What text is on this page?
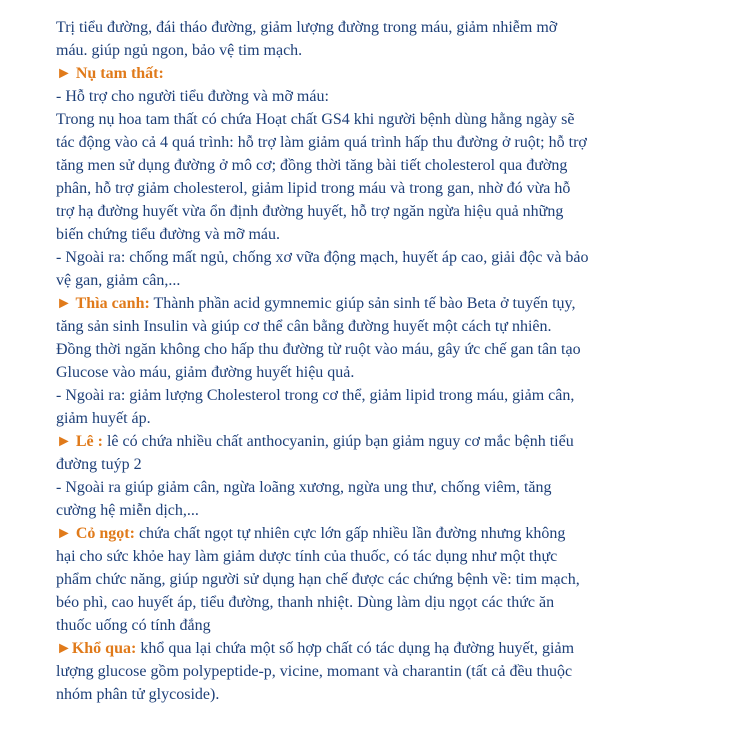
Trị tiểu đường, đái tháo đường, giảm lượng đường trong máu, giảm nhiễm mỡ
máu. giúp ngủ ngon, bảo vệ tim mạch.
► Nụ tam thất:
- Hỗ trợ cho người tiểu đường và mỡ máu:
Trong nụ hoa tam thất có chứa Hoạt chất GS4 khi người bệnh dùng hằng ngày sẽ
tác động vào cả 4 quá trình: hỗ trợ làm giảm quá trình hấp thu đường ở ruột; hỗ trợ
tăng men sử dụng đường ở mô cơ; đồng thời tăng bài tiết cholesterol qua đường
phân, hỗ trợ giảm cholesterol, giảm lipid trong máu và trong gan, nhờ đó vừa hỗ
trợ hạ đường huyết vừa ổn định đường huyết, hỗ trợ ngăn ngừa hiệu quả những
biến chứng tiểu đường và mỡ máu.
- Ngoài ra: chống mất ngủ, chống xơ vữa động mạch, huyết áp cao, giải độc và bảo
vệ gan, giảm cân,...
► Thìa canh: Thành phần acid gymnemic giúp sản sinh tế bào Beta ở tuyến tụy,
tăng sản sinh Insulin và giúp cơ thể cân bằng đường huyết một cách tự nhiên.
Đồng thời ngăn không cho hấp thu đường từ ruột vào máu, gây ức chế gan tân tạo
Glucose vào máu, giảm đường huyết hiệu quả.
- Ngoài ra: giảm lượng Cholesterol trong cơ thể, giảm lipid trong máu, giảm cân,
giảm huyết áp.
► Lê : lê có chứa nhiều chất anthocyanin, giúp bạn giảm nguy cơ mắc bệnh tiểu
đường tuýp 2
- Ngoài ra giúp giảm cân, ngừa loãng xương, ngừa ung thư, chống viêm, tăng
cường hệ miễn dịch,...
► Cỏ ngọt: chứa chất ngọt tự nhiên cực lớn gấp nhiều lần đường nhưng không
hại cho sức khỏe hay làm giảm dược tính của thuốc, có tác dụng như một thực
phẩm chức năng, giúp người sử dụng hạn chế được các chứng bệnh về: tim mạch,
béo phì, cao huyết áp, tiểu đường, thanh nhiệt. Dùng làm dịu ngọt các thức ăn
thuốc uống có tính đắng
►Khổ qua: khổ qua lại chứa một số hợp chất có tác dụng hạ đường huyết, giảm
lượng glucose gồm polypeptide-p, vicine, momant và charantin (tất cả đều thuộc
nhóm phân tử glycoside).
